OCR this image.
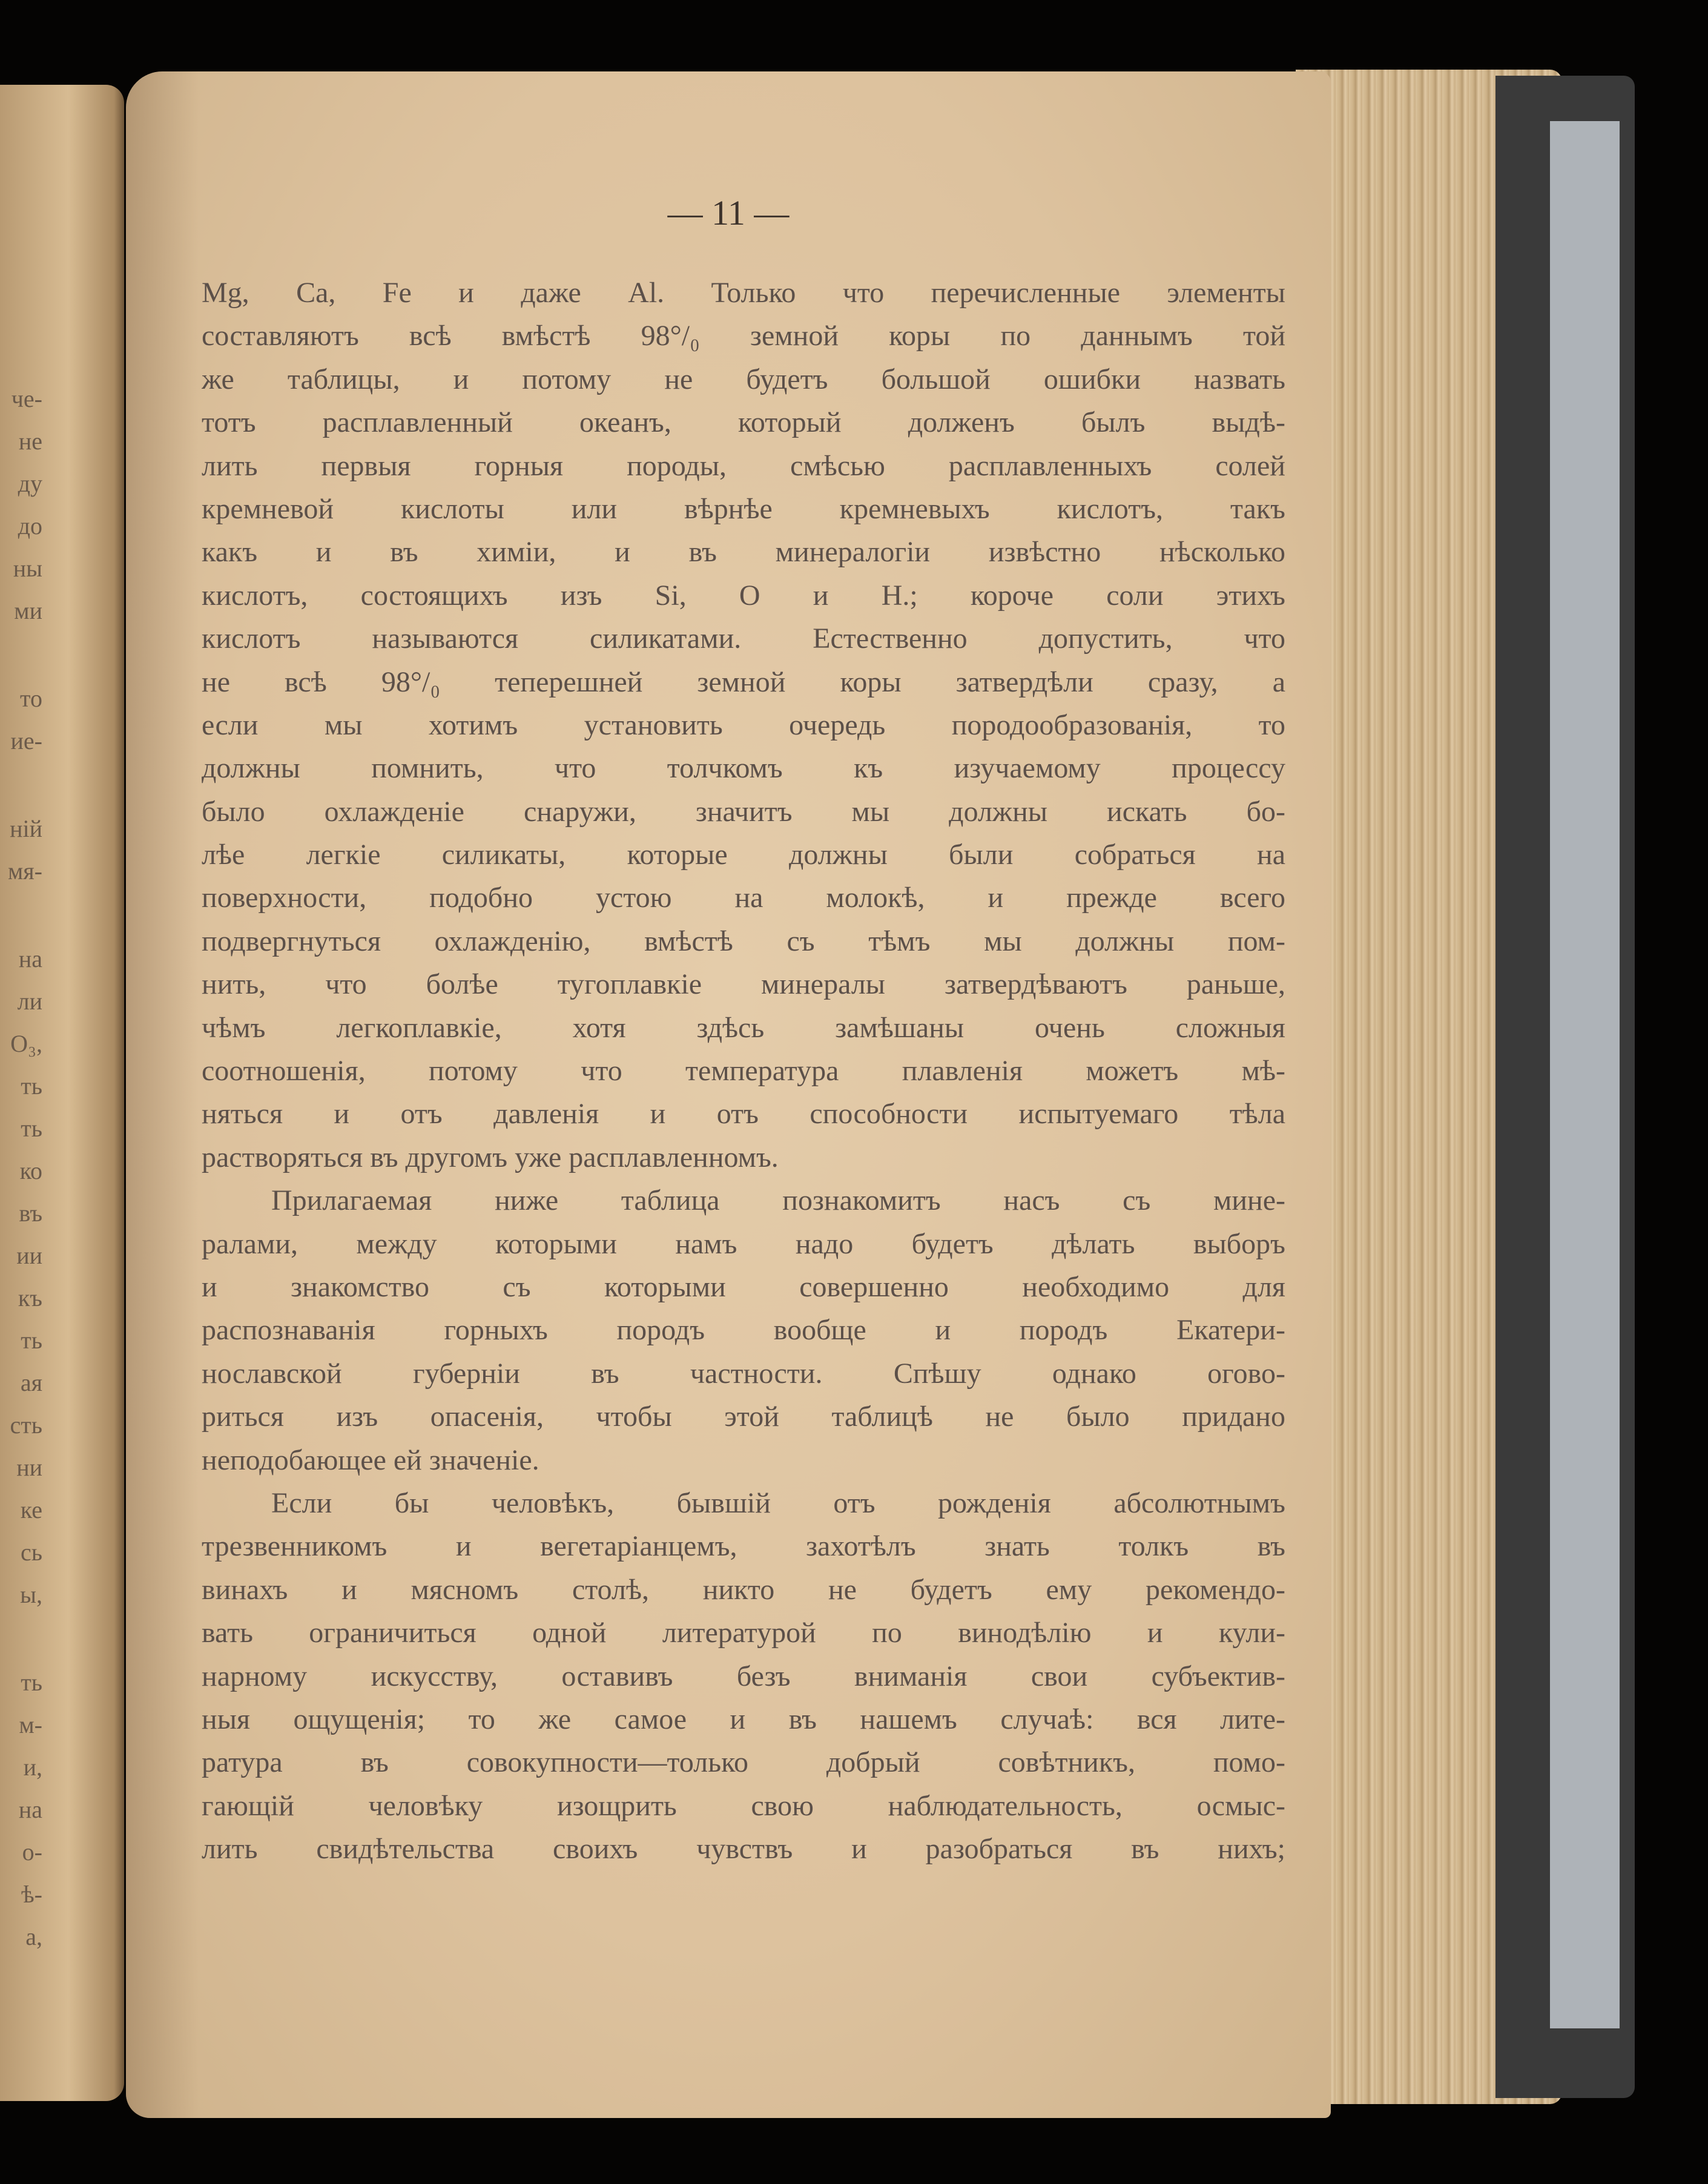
че-
не
ду
до
ны
ми
то
ие-
ній
мя-
на
ли
O₃,
ть
ть
ко
въ
ии
къ
ть
ая
сть
ни
ке
сь
ы,
ть
м-
и,
на
о-
ѣ-
а,
— 11 —
Mg, Ca, Fe и даже Al. Только что перечисленные элементы
составляютъ всѣ вмѣстѣ 98°/₀ земной коры по даннымъ той
же таблицы, и потому не будетъ большой ошибки назвать
тотъ расплавленный океанъ, который долженъ былъ выдѣ-
лить первыя горныя породы, смѣсью расплавленныхъ солей
кремневой кислоты или вѣрнѣе кремневыхъ кислотъ, такъ
какъ и въ химіи, и въ минералогіи извѣстно нѣсколько
кислотъ, состоящихъ изъ Si, O и H.; короче соли этихъ
кислотъ называются силикатами. Естественно допустить, что
не всѣ 98°/₀ теперешней земной коры затвердѣли сразу, а
если мы хотимъ установить очередь породообразованія, то
должны помнить, что толчкомъ къ изучаемому процессу
было охлажденіе снаружи, значитъ мы должны искать бо-
лѣе легкіе силикаты, которые должны были собраться на
поверхности, подобно устою на молокѣ, и прежде всего
подвергнуться охлажденію, вмѣстѣ съ тѣмъ мы должны пом-
нить, что болѣе тугоплавкіе минералы затвердѣваютъ раньше,
чѣмъ легкоплавкіе, хотя здѣсь замѣшаны очень сложныя
соотношенія, потому что температура плавленія можетъ мѣ-
няться и отъ давленія и отъ способности испытуемаго тѣла
растворяться въ другомъ уже расплавленномъ.
Прилагаемая ниже таблица познакомитъ насъ съ мине-
ралами, между которыми намъ надо будетъ дѣлать выборъ
и знакомство съ которыми совершенно необходимо для
распознаванія горныхъ породъ вообще и породъ Екатери-
нославской губерніи въ частности. Спѣшу однако огово-
риться изъ опасенія, чтобы этой таблицѣ не было придано
неподобающее ей значеніе.
Если бы человѣкъ, бывшій отъ рожденія абсолютнымъ
трезвенникомъ и вегетаріанцемъ, захотѣлъ знать толкъ въ
винахъ и мясномъ столѣ, никто не будетъ ему рекомендо-
вать ограничиться одной литературой по винодѣлію и кули-
нарному искусству, оставивъ безъ вниманія свои субъектив-
ныя ощущенія; то же самое и въ нашемъ случаѣ: вся лите-
ратура въ совокупности—только добрый совѣтникъ, помо-
гающій человѣку изощрить свою наблюдательность, осмыс-
лить свидѣтельства своихъ чувствъ и разобраться въ нихъ;
